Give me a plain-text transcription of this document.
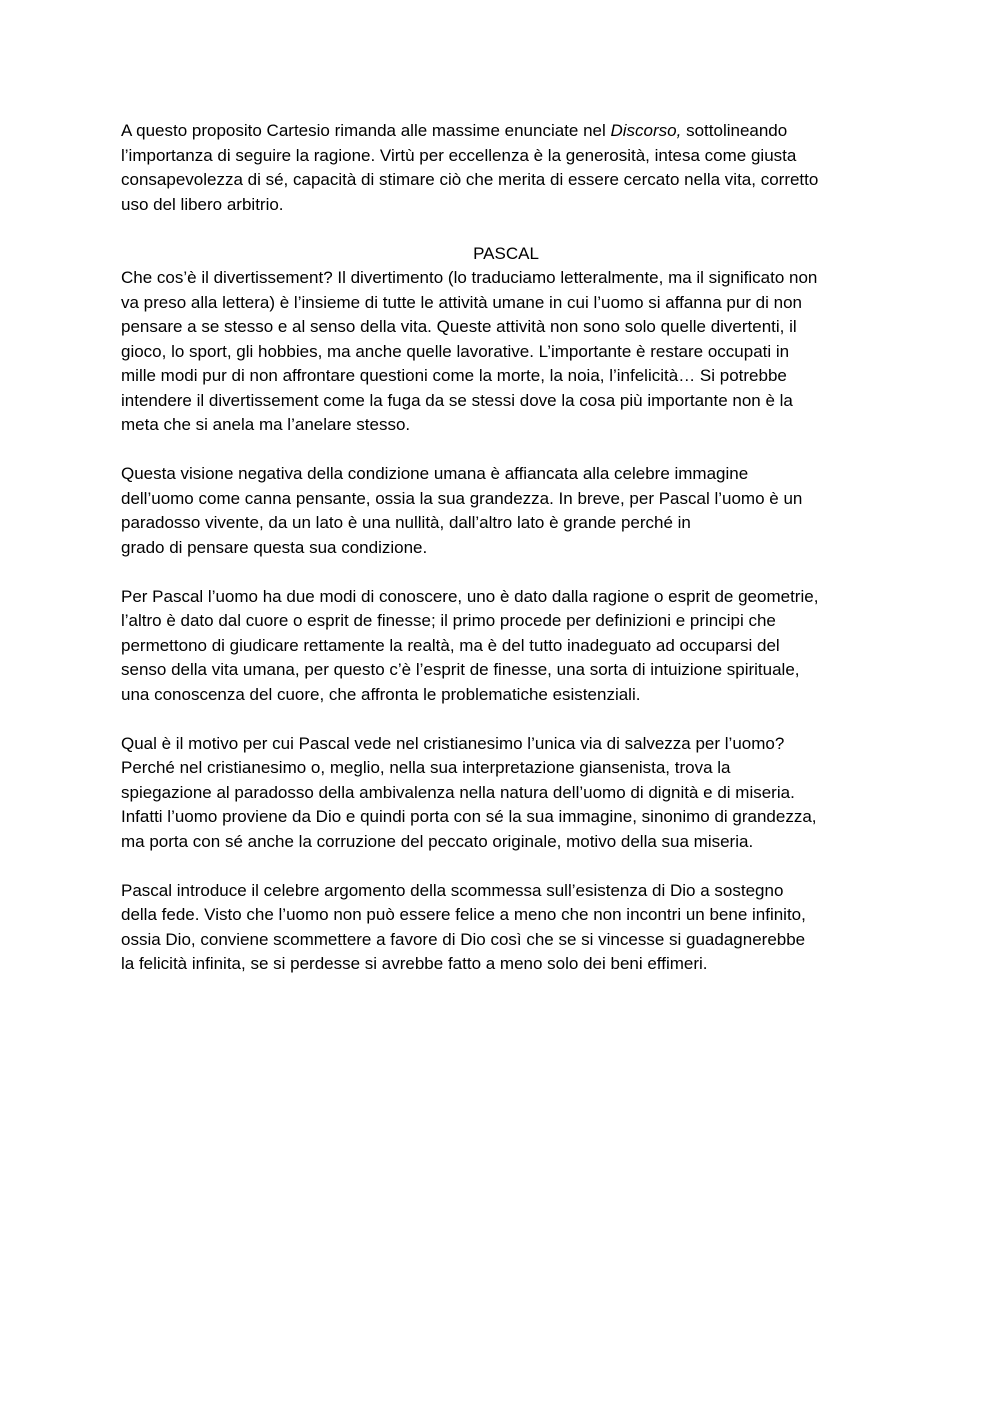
A questo proposito Cartesio rimanda alle massime enunciate nel Discorso, sottolineando
l’importanza di seguire la ragione. Virtù per eccellenza è la generosità, intesa come giusta
consapevolezza di sé, capacità di stimare ciò che merita di essere cercato nella vita, corretto
uso del libero arbitrio.
PASCAL
Che cos’è il divertissement? Il divertimento (lo traduciamo letteralmente, ma il significato non
va preso alla lettera) è l’insieme di tutte le attività umane in cui l’uomo si affanna pur di non
pensare a se stesso e al senso della vita. Queste attività non sono solo quelle divertenti, il
gioco, lo sport, gli hobbies, ma anche quelle lavorative. L’importante è restare occupati in
mille modi pur di non affrontare questioni come la morte, la noia, l’infelicità… Si potrebbe
intendere il divertissement come la fuga da se stessi dove la cosa più importante non è la
meta che si anela ma l’anelare stesso.
Questa visione negativa della condizione umana è affiancata alla celebre immagine
dell’uomo come canna pensante, ossia la sua grandezza. In breve, per Pascal l’uomo è un
paradosso vivente, da un lato è una nullità, dall’altro lato è grande perché in
grado di pensare questa sua condizione.
Per Pascal l’uomo ha due modi di conoscere, uno è dato dalla ragione o esprit de geometrie,
l’altro è dato dal cuore o esprit de finesse; il primo procede per definizioni e principi che
permettono di giudicare rettamente la realtà, ma è del tutto inadeguato ad occuparsi del
senso della vita umana, per questo c’è l’esprit de finesse, una sorta di intuizione spirituale,
una conoscenza del cuore, che affronta le problematiche esistenziali.
Qual è il motivo per cui Pascal vede nel cristianesimo l’unica via di salvezza per l’uomo?
Perché nel cristianesimo o, meglio, nella sua interpretazione giansenista, trova la
spiegazione al paradosso della ambivalenza nella natura dell’uomo di dignità e di miseria.
Infatti l’uomo proviene da Dio e quindi porta con sé la sua immagine, sinonimo di grandezza,
ma porta con sé anche la corruzione del peccato originale, motivo della sua miseria.
Pascal introduce il celebre argomento della scommessa sull’esistenza di Dio a sostegno
della fede. Visto che l’uomo non può essere felice a meno che non incontri un bene infinito,
ossia Dio, conviene scommettere a favore di Dio così che se si vincesse si guadagnerebbe
la felicità infinita, se si perdesse si avrebbe fatto a meno solo dei beni effimeri.
